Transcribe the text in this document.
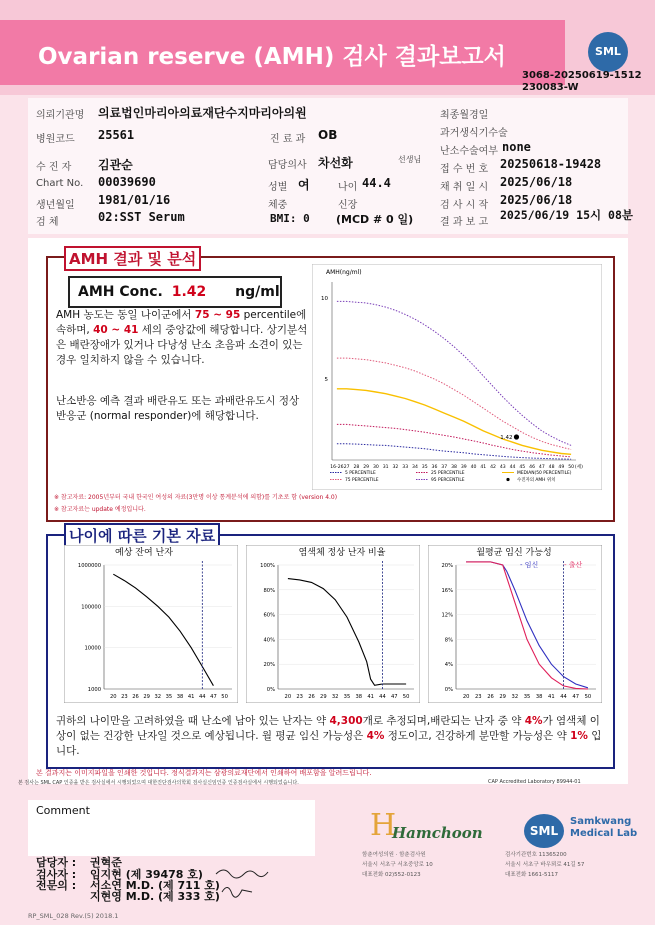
Ovarian reserve (AMH) 검사 결과보고서	SML
3068-20250619-1512
230083-W
의뢰기관명 의료법인마리아의료재단수지마리아의원
병원코드 25561	진 료 과 OB
수 진 자 김관순	담당의사 차선화	선생님
Chart No. 00039690
생년월일 1981/01/16
성별 여	나이 44.4
체중	신장
검 체	02:SST Serum	BMI: 0 (MCD # 0 일)
최종월경일
과거생식기수술
난소수술여부 none
접 수 번 호 20250618-19428
채 취 일 시 2025/06/18
검 사 시 작 2025/06/18
결 과 보 고
2025/06/19 15시 08분
AMH 결과 및 분석
AMH Conc. 1.42 ng/ml
AMH 농도는 동일 나이군에서 75 ~ 95 percentile에 속하며, 40 ~ 41 세의 중앙값에 해당합니다. 상기분석은 배란장애가 있거나 다낭성 난소 초음파 소견이 있는 경우 일치하지 않을 수 있습니다.
난소반응 예측 결과 배란유도 또는 과배란유도시 정상반응군 (normal responder)에 해당합니다.
※ 참고자료: 2005년부터 국내 한국인 여성의 자료(3만명 이상 통계분석에 의함)를 기초로 함 (version 4.0)
※ 참고자료는 update 예정입니다.
AMH(ng/ml)
5
10
16-26 27 28 29 30 31 32 33 34 35 36 37 38 39 40 41 42 43 44 45 46 47 48 49 50 (세)
1.42
5 PERCENTILE	25 PERCENTILE	MEDIAN(50 PERCENTILE)
75 PERCENTILE	95 PERCENTILE	수진자의 AMH 위치
나이에 따른 기본 자료
예상 잔여 난자
1000000
100000
10000
1000
20 23 26 29 32 35 38 41 44 47 50
염색체 정상 난자 비율
100%
80%
60%
40%
20%
0%
20 23 26 29 32 35 38 41 44 47 50
월평균 임신 가능성
20%
16%
12%
8%
4%
0%
20 23 26 29 32 35 38 41 44 47 50
- 임신	- 출산
귀하의 나이만을 고려하였을 때 난소에 남아 있는 난자는 약 4,300개로 추정되며,배란되는 난자 중 약 4%가 염색체 이상이 없는 건강한 난자일 것으로 예상됩니다. 월 평균 임신 가능성은 4% 정도이고, 건강하게 분만할 가능성은 약 1% 입니다.
본 결과지는 이미지파일을 인쇄한 것입니다. 정식결과지는 삼광의료재단에서 인쇄하여 배포함을 알려드립니다.
본 검사는 SML CAP 인증을 받은 검사실에서 시행되었으며 대한진단검사의학회 검사실신임인증 인증검사실에서 시행되었습니다.	CAP Accredited Laboratory 89944-01
Comment
담당자 : 권혁준
검사자 : 임지현 (제 39478 호)
전문의 : 서소연 M.D. (제 711 호)
지현영 M.D. (제 333 호)
H
Hamchoon
함춘여성의원 · 함춘검사원
서울시 서초구 서초중앙로 10
대표전화 02)552-0123
SML
Samkwang
Medical Lab
검사기관번호 11365200
서울시 서초구 바우뫼로 41길 57
대표전화 1661-5117
RP_SML_028 Rev.(5) 2018.1
